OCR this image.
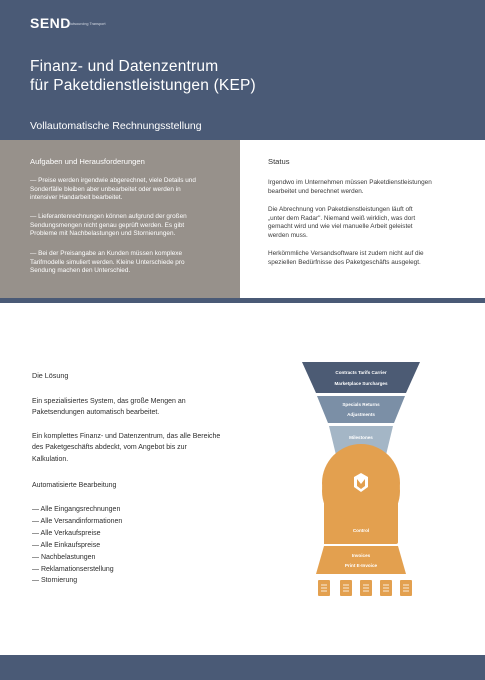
SEND
Outsourcing Transport
Finanz- und Datenzentrum
für Paketdienstleistungen (KEP)
Vollautomatische Rechnungsstellung
Aufgaben und Herausforderungen
— Preise werden irgendwie abgerechnet, viele Details und
Sonderfälle bleiben aber unbearbeitet oder werden in
intensiver Handarbeit bearbeitet.
— Lieferantenrechnungen können aufgrund der großen
Sendungsmengen nicht genau geprüft werden. Es gibt
Probleme mit Nachbelastungen und Stornierungen.
— Bei der Preisangabe an Kunden müssen komplexe
Tarifmodelle simuliert werden. Kleine Unterschiede pro
Sendung machen den Unterschied.
Status
Irgendwo im Unternehmen müssen Paketdienstleistungen
bearbeitet und berechnet werden.
Die Abrechnung von Paketdienstleistungen läuft oft
„unter dem Radar". Niemand weiß wirklich, was dort
gemacht wird und wie viel manuelle Arbeit geleistet
werden muss.
Herkömmliche Versandsoftware ist zudem nicht auf die
speziellen Bedürfnisse des Paketgeschäfts ausgelegt.
Die Lösung
Ein spezialisiertes System, das große Mengen an
Paketsendungen automatisch bearbeitet.
Ein komplettes Finanz- und Datenzentrum, das alle Bereiche
des Paketgeschäfts abdeckt, vom Angebot bis zur
Kalkulation.
Automatisierte Bearbeitung
— Alle Eingangsrechnungen
— Alle Versandinformationen
— Alle Verkaufspreise
— Alle Einkaufspreise
— Nachbelastungen
— Reklamationserstellung
— Stornierung
Contracts Tarifs Carrier
Marketplace Surcharges
Specials Returns
Adjustments
Milestones
Control
Invoices
Print E-Invoice
